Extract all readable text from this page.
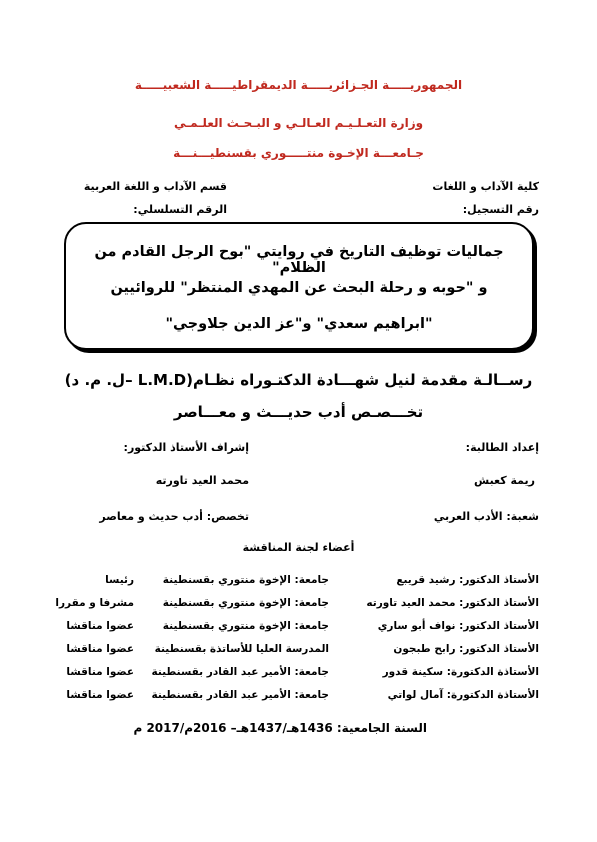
الجمهوريـــــة الجـزائريـــــة الديمقراطيـــــة الشعبيـــــة
وزارة التعـلـيـم العـالـي و البـحـث العلـمـي
جـامعـــة الإخـوة منتـــــوري بقسنطيـــنـــة
كلية الآداب و اللغات
قسم الآداب و اللغة العربية
رقم التسجيل:
الرقم التسلسلي:
جماليات توظيف التاريخ في روايتي "بوح الرجل القادم من الظلام"
و "حوبه و رحلة البحث عن المهدي المنتظر" للروائيين
"ابراهيم سعدي" و"عز الدين جلاوجي"
رســالـة مقدمة لنيل شهـــادة الدكتـوراه نظـام(L.M.D –ل. م. د)
تخـــصـص أدب حديـــث و معـــاصر
إعداد الطالبة:
إشراف الأستاذ الدكتور:
ريمة كعبش
محمد العيد تاورته
شعبة: الأدب العربي
تخصص: أدب حديث و معاصر
أعضاء لجنة المناقشة
الأستاذ الدكتور: رشيد قريبع
جامعة: الإخوة منتوري بقسنطينة
رئيسا
الأستاذ الدكتور: محمد العيد تاورته
جامعة: الإخوة منتوري بقسنطينة
مشرفا و مقررا
الأستاذ الدكتور: نواف أبو ساري
جامعة: الإخوة منتوري بقسنطينة
عضوا مناقشا
الأستاذ الدكتور: رابح طبجون
المدرسة العليا للأساتذة بقسنطينة
عضوا مناقشا
الأستاذة الدكتورة: سكينة قدور
جامعة: الأمير عبد القادر بقسنطينة
عضوا مناقشا
الأستاذة الدكتورة: آمال لواتي
جامعة: الأمير عبد القادر بقسنطينة
عضوا مناقشا
السنة الجامعية: 1436هـ/1437هـ– 2016م/2017 م
